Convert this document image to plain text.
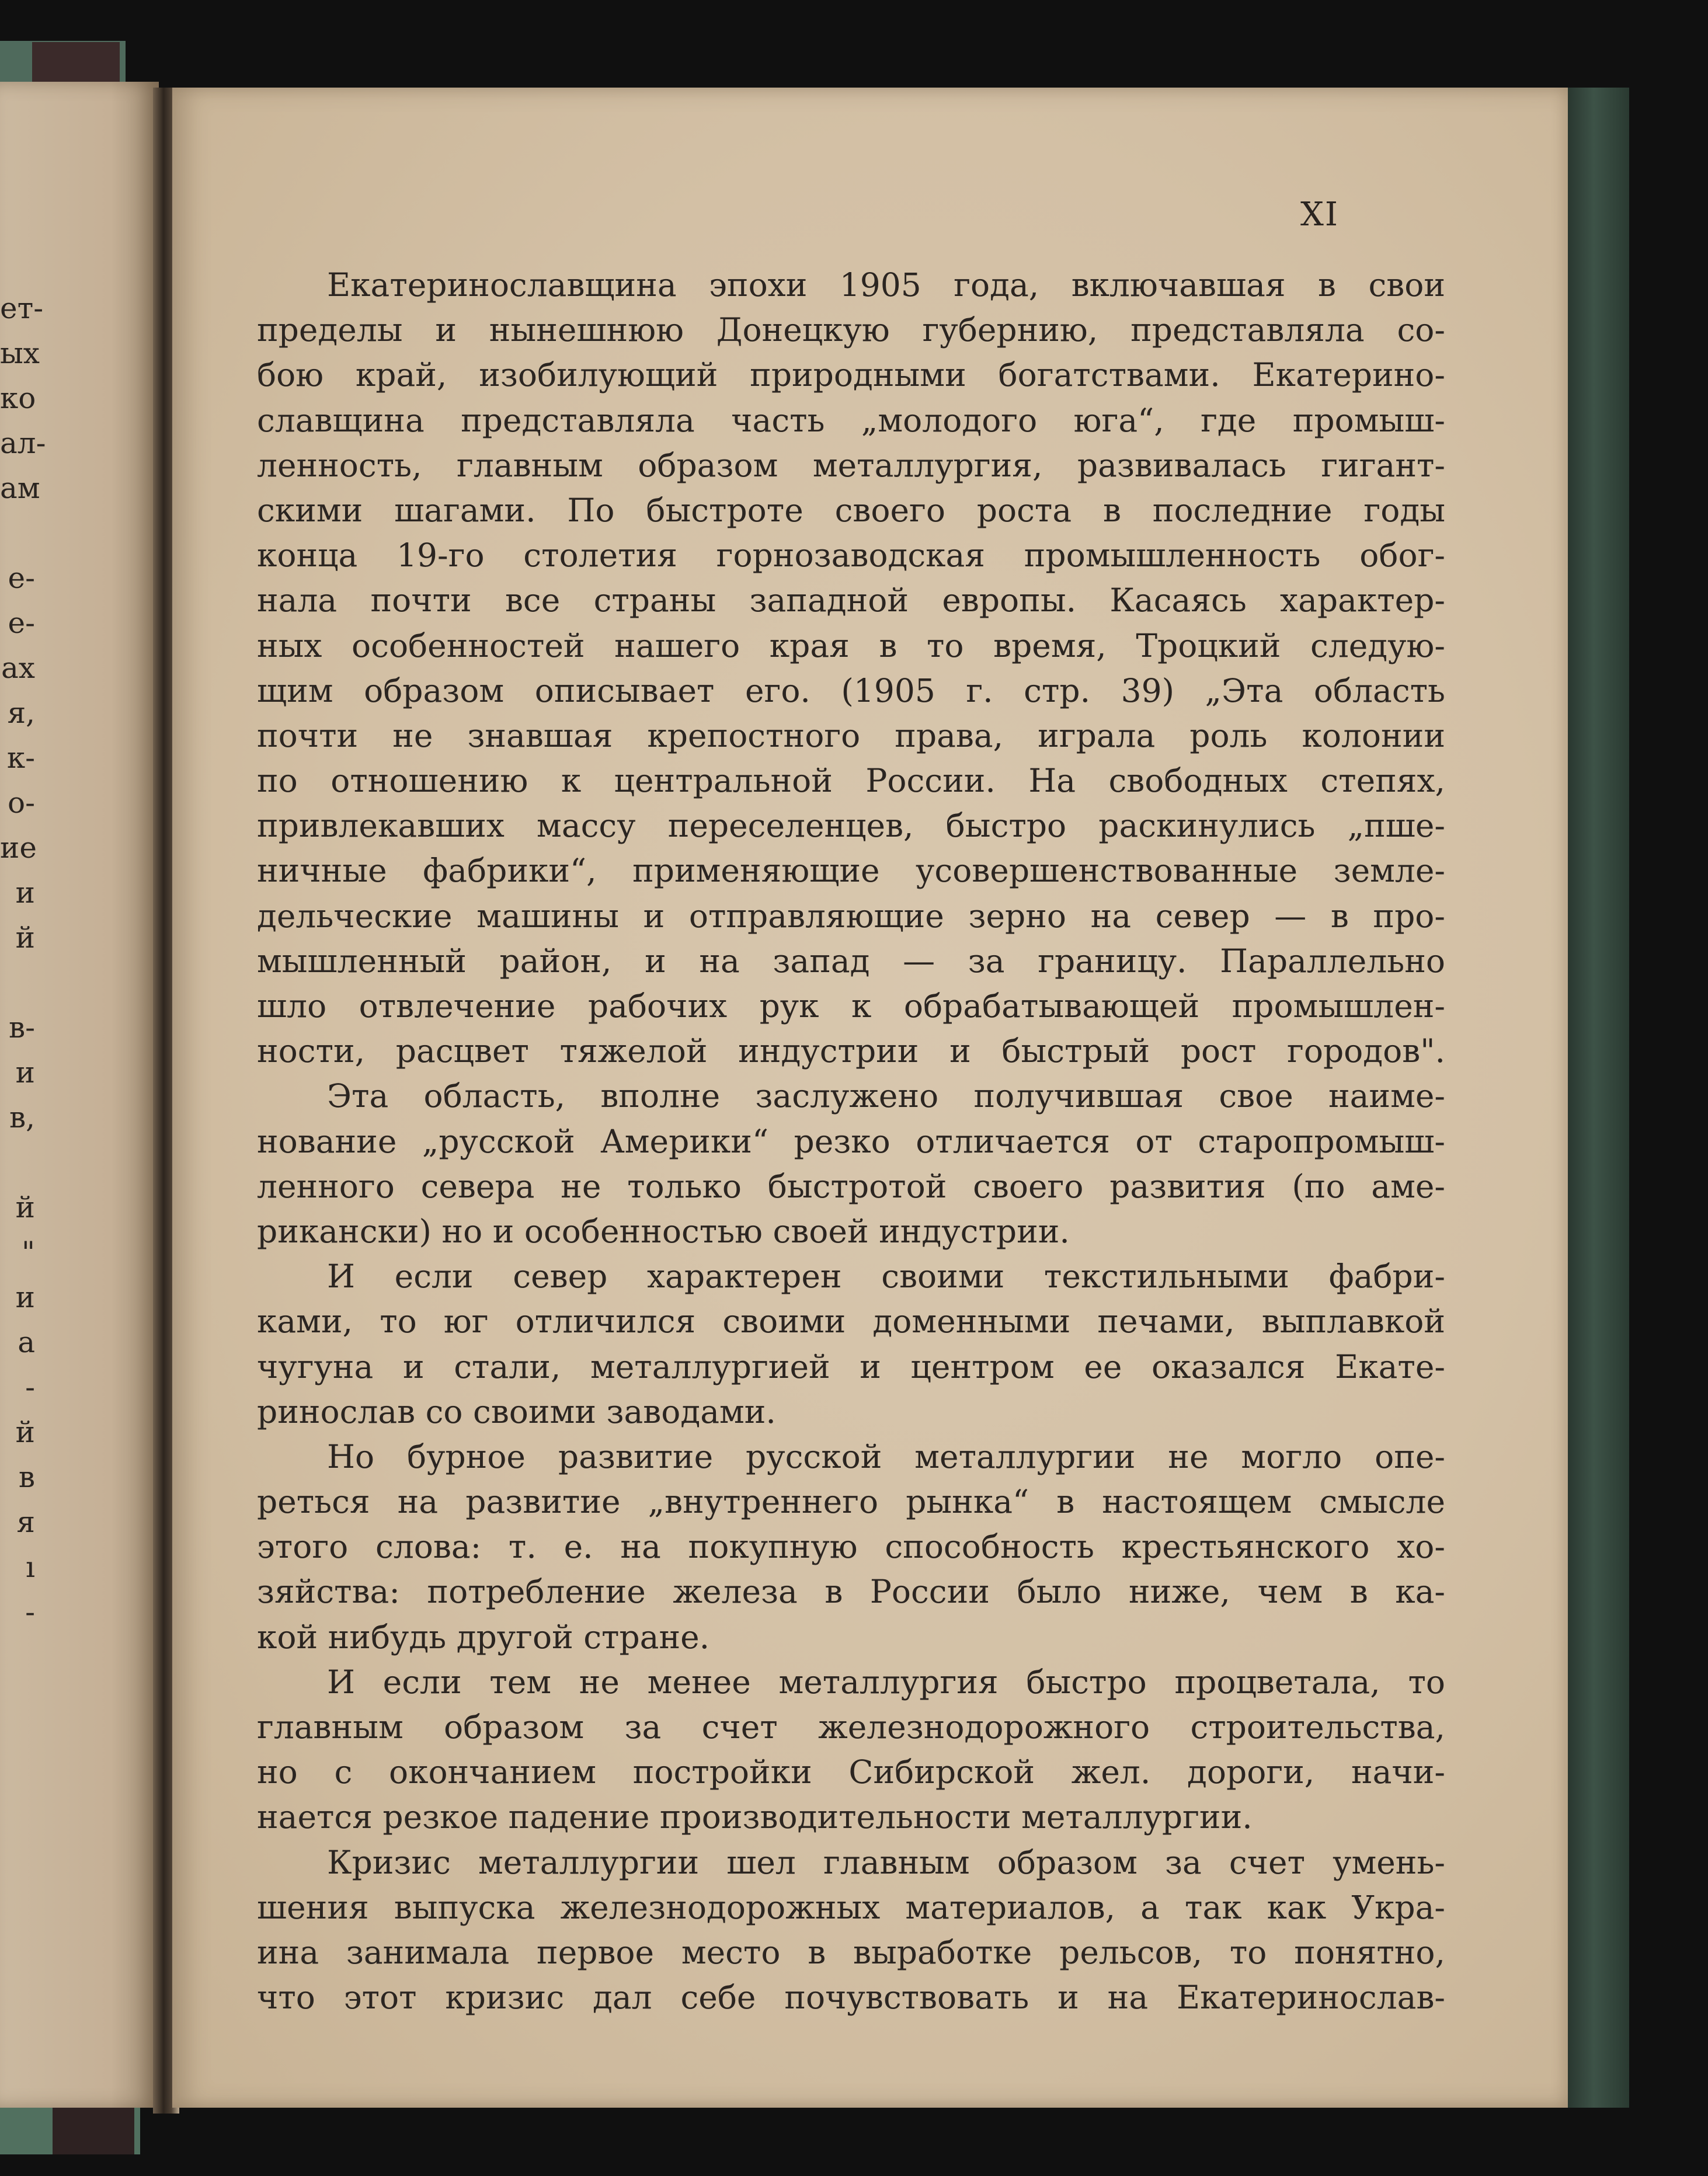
ет-
ых
ко
ал-
ам
е-
е-
ах
я,
к-
о-
ие
и
й
в-
и
в,
й
"
и
а
-
й
в
я
ı
-
XI
Екатеринославщина эпохи 1905 года, включавшая в свои
пределы и нынешнюю Донецкую губернию, представляла со-
бою край, изобилующий природными богатствами. Екатерино-
славщина представляла часть „молодого юга“, где промыш-
ленность, главным образом металлургия, развивалась гигант-
скими шагами. По быстроте своего роста в последние годы
конца 19-го столетия горнозаводская промышленность обог-
нала почти все страны западной европы. Касаясь характер-
ных особенностей нашего края в то время, Троцкий следую-
щим образом описывает его. (1905 г. стр. 39) „Эта область
почти не знавшая крепостного права, играла роль колонии
по отношению к центральной России. На свободных степях,
привлекавших массу переселенцев, быстро раскинулись „пше-
ничные фабрики“, применяющие усовершенствованные земле-
дельческие машины и отправляющие зерно на север — в про-
мышленный район, и на запад — за границу. Параллельно
шло отвлечение рабочих рук к обрабатывающей промышлен-
ности, расцвет тяжелой индустрии и быстрый рост городов".
Эта область, вполне заслужено получившая свое наиме-
нование „русской Америки“ резко отличается от старопромыш-
ленного севера не только быстротой своего развития (по аме-
рикански) но и особенностью своей индустрии.
И если север характерен своими текстильными фабри-
ками, то юг отличился своими доменными печами, выплавкой
чугуна и стали, металлургией и центром ее оказался Екате-
ринослав со своими заводами.
Но бурное развитие русской металлургии не могло опе-
реться на развитие „внутреннего рынка“ в настоящем смысле
этого слова: т. е. на покупную способность крестьянского хо-
зяйства: потребление железа в России было ниже, чем в ка-
кой нибудь другой стране.
И если тем не менее металлургия быстро процветала, то
главным образом за счет железнодорожного строительства,
но с окончанием постройки Сибирской жел. дороги, начи-
нается резкое падение производительности металлургии.
Кризис металлургии шел главным образом за счет умень-
шения выпуска железнодорожных материалов, а так как Укра-
ина занимала первое место в выработке рельсов, то понятно,
что этот кризис дал себе почувствовать и на Екатеринослав-
